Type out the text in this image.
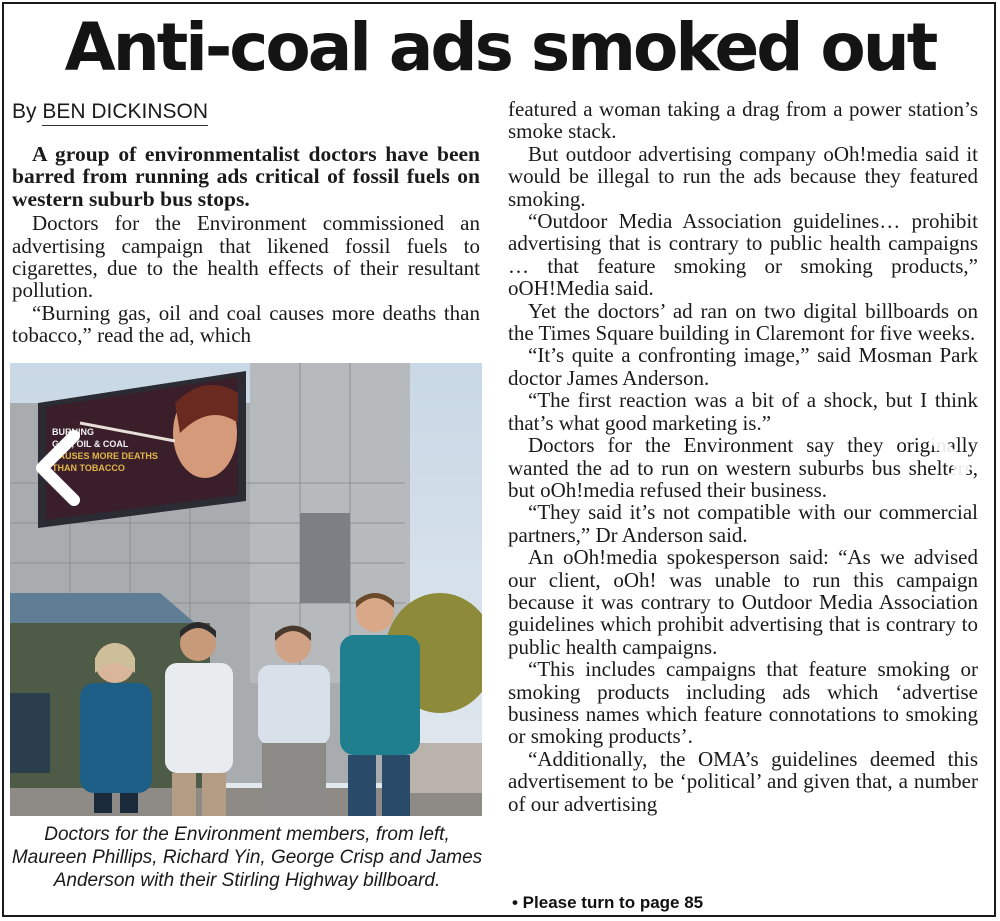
Anti-coal ads smoked out
By BEN DICKINSON

A group of environmentalist doctors have been barred from running ads critical of fossil fuels on western suburb bus stops.

Doctors for the Environment commissioned an advertising campaign that likened fossil fuels to cigarettes, due to the health effects of their resultant pollution.

“Burning gas, oil and coal causes more deaths than tobacco,” read the ad, which

BURNING
GAS, OIL & COAL
CAUSES MORE DEATHS
THAN TOBACCO
Doctors for the Environment members, from left, Maureen Phillips, Richard Yin, George Crisp and James Anderson with their Stirling Highway billboard.

featured a woman taking a drag from a power station’s smoke stack.

But outdoor advertising company oOh!media said it would be illegal to run the ads because they featured smoking.

“Outdoor Media Association guidelines… prohibit advertising that is contrary to public health campaigns … that feature smoking or smoking products,” oOH!Media said.

Yet the doctors’ ad ran on two digital billboards on the Times Square building in Claremont for five weeks.

“It’s quite a confronting image,” said Mosman Park doctor James Anderson.

“The first reaction was a bit of a shock, but I think that’s what good marketing is.”

Doctors for the Environment say they originally wanted the ad to run on western suburbs bus shelters, but oOh!media refused their business.

“They said it’s not compatible with our commercial partners,” Dr Anderson said.

An oOh!media spokesperson said: “As we advised our client, oOh! was unable to run this campaign because it was contrary to Outdoor Media Association guidelines which prohibit advertising that is contrary to public health campaigns.

“This includes campaigns that feature smoking or smoking products including ads which ‘advertise business names which feature connotations to smoking or smoking products’.

“Additionally, the OMA’s guidelines deemed this advertisement to be ‘political’ and given that, a number of our advertising

• Please turn to page 85
